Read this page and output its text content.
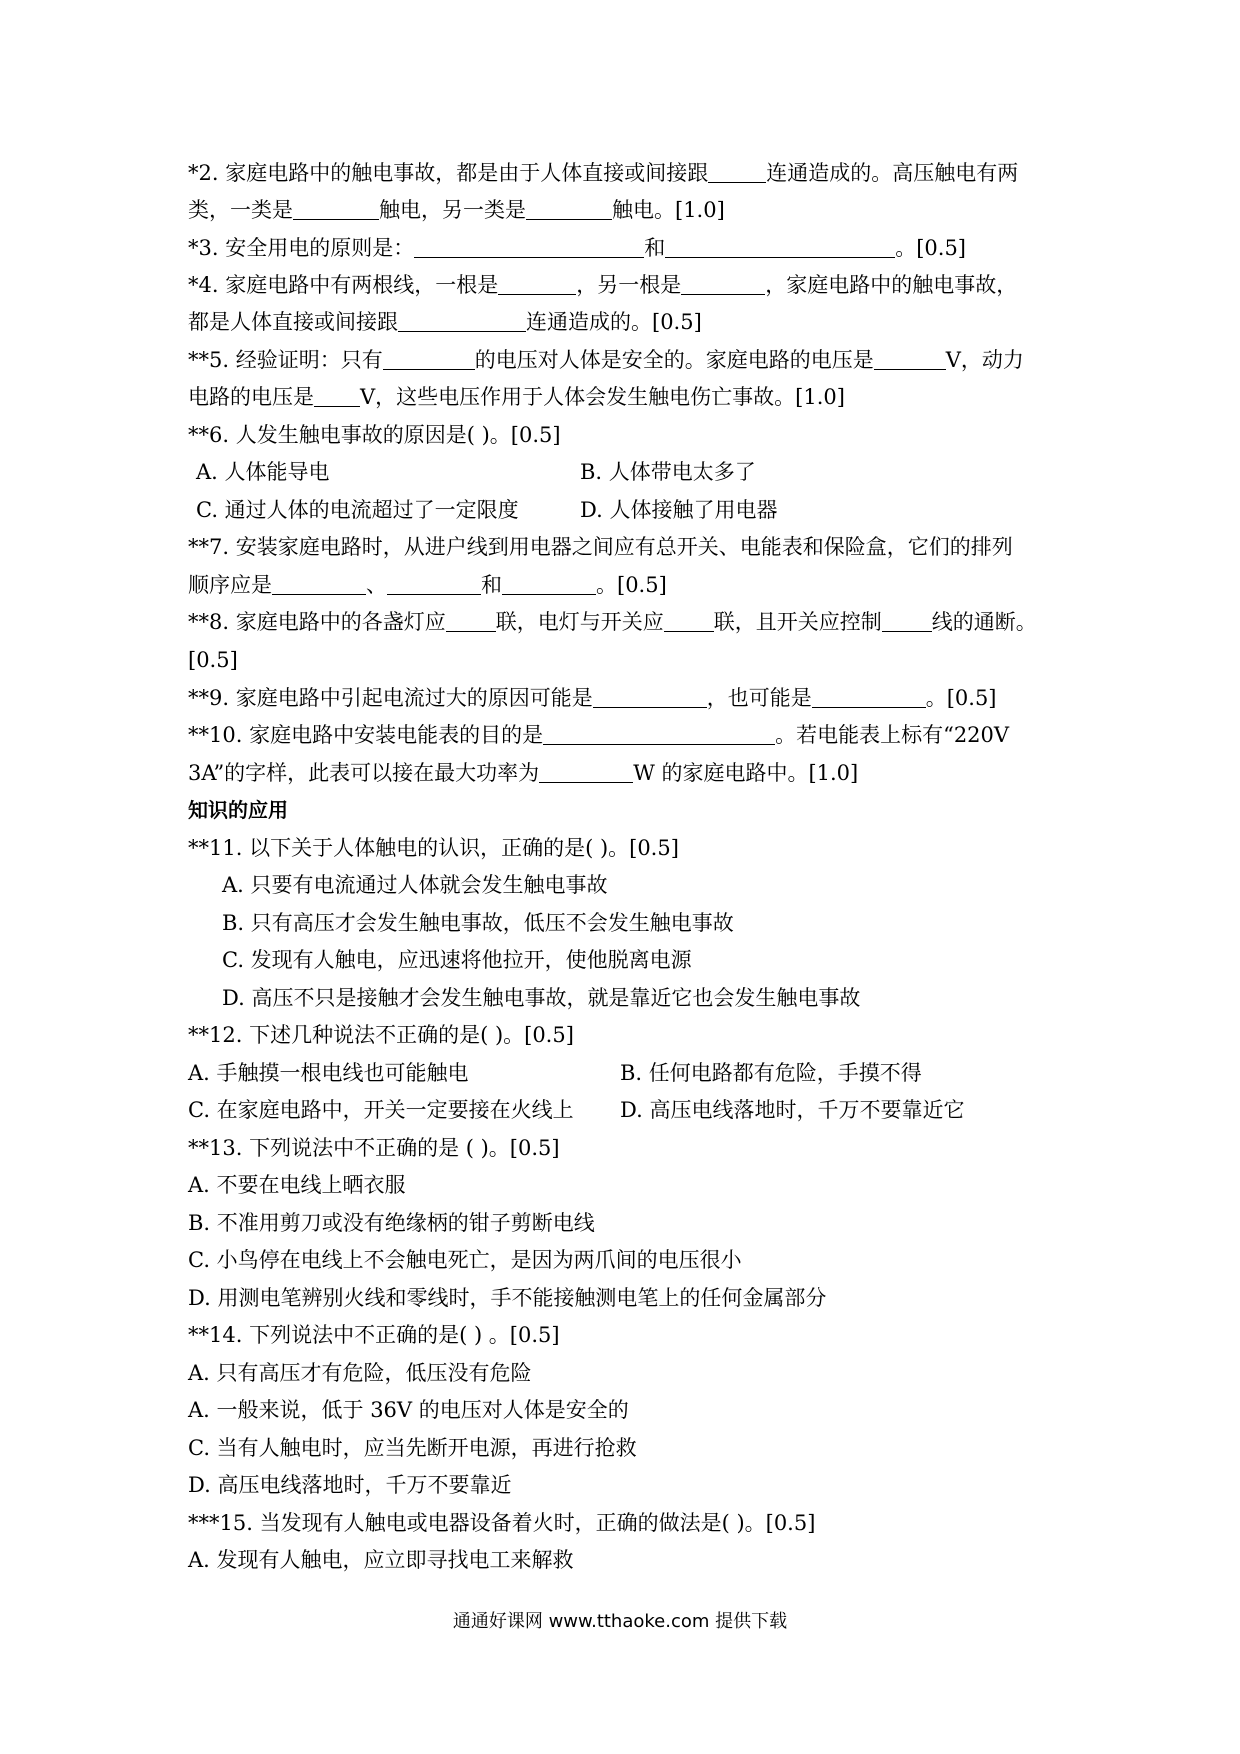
*2. 家庭电路中的触电事故，都是由于人体直接或间接跟	连通造成的。高压触电有两
类，一类是	触电，另一类是	触电。[1.0]
*3. 安全用电的原则是：	和	。[0.5]
*4. 家庭电路中有两根线，一根是	，另一根是	，家庭电路中的触电事故，
都是人体直接或间接跟	连通造成的。[0.5]
**5. 经验证明：只有	的电压对人体是安全的。家庭电路的电压是	V，动力
电路的电压是 V，这些电压作用于人体会发生触电伤亡事故。[1.0]
**6. 人发生触电事故的原因是( )。[0.5]
A. 人体能导电	B. 人体带电太多了
C. 通过人体的电流超过了一定限度	D. 人体接触了用电器
**7. 安装家庭电路时，从进户线到用电器之间应有总开关、电能表和保险盒，它们的排列
顺序应是	、	和	。[0.5]
**8. 家庭电路中的各盏灯应 联，电灯与开关应 联，且开关应控制 线的通断。
[0.5]
**9. 家庭电路中引起电流过大的原因可能是	，也可能是	。[0.5]
**10. 家庭电路中安装电能表的目的是	。若电能表上标有“220V
3A”的字样，此表可以接在最大功率为	W 的家庭电路中。[1.0]
知识的应用
**11. 以下关于人体触电的认识，正确的是( )。[0.5]
A. 只要有电流通过人体就会发生触电事故
B. 只有高压才会发生触电事故，低压不会发生触电事故
C. 发现有人触电，应迅速将他拉开，使他脱离电源
D. 高压不只是接触才会发生触电事故，就是靠近它也会发生触电事故
**12. 下述几种说法不正确的是( )。[0.5]
A. 手触摸一根电线也可能触电	B. 任何电路都有危险，手摸不得
C. 在家庭电路中，开关一定要接在火线上 D. 高压电线落地时，千万不要靠近它
**13. 下列说法中不正确的是 ( )。[0.5]
A. 不要在电线上晒衣服
B. 不准用剪刀或没有绝缘柄的钳子剪断电线
C. 小鸟停在电线上不会触电死亡，是因为两爪间的电压很小
D. 用测电笔辨别火线和零线时，手不能接触测电笔上的任何金属部分
**14. 下列说法中不正确的是( ) 。[0.5]
A. 只有高压才有危险，低压没有危险
A. 一般来说，低于 36V 的电压对人体是安全的
C. 当有人触电时，应当先断开电源，再进行抢救
D. 高压电线落地时，千万不要靠近
***15. 当发现有人触电或电器设备着火时，正确的做法是( )。[0.5]
A. 发现有人触电，应立即寻找电工来解救
通通好课网 www.tthaoke.com 提供下载
